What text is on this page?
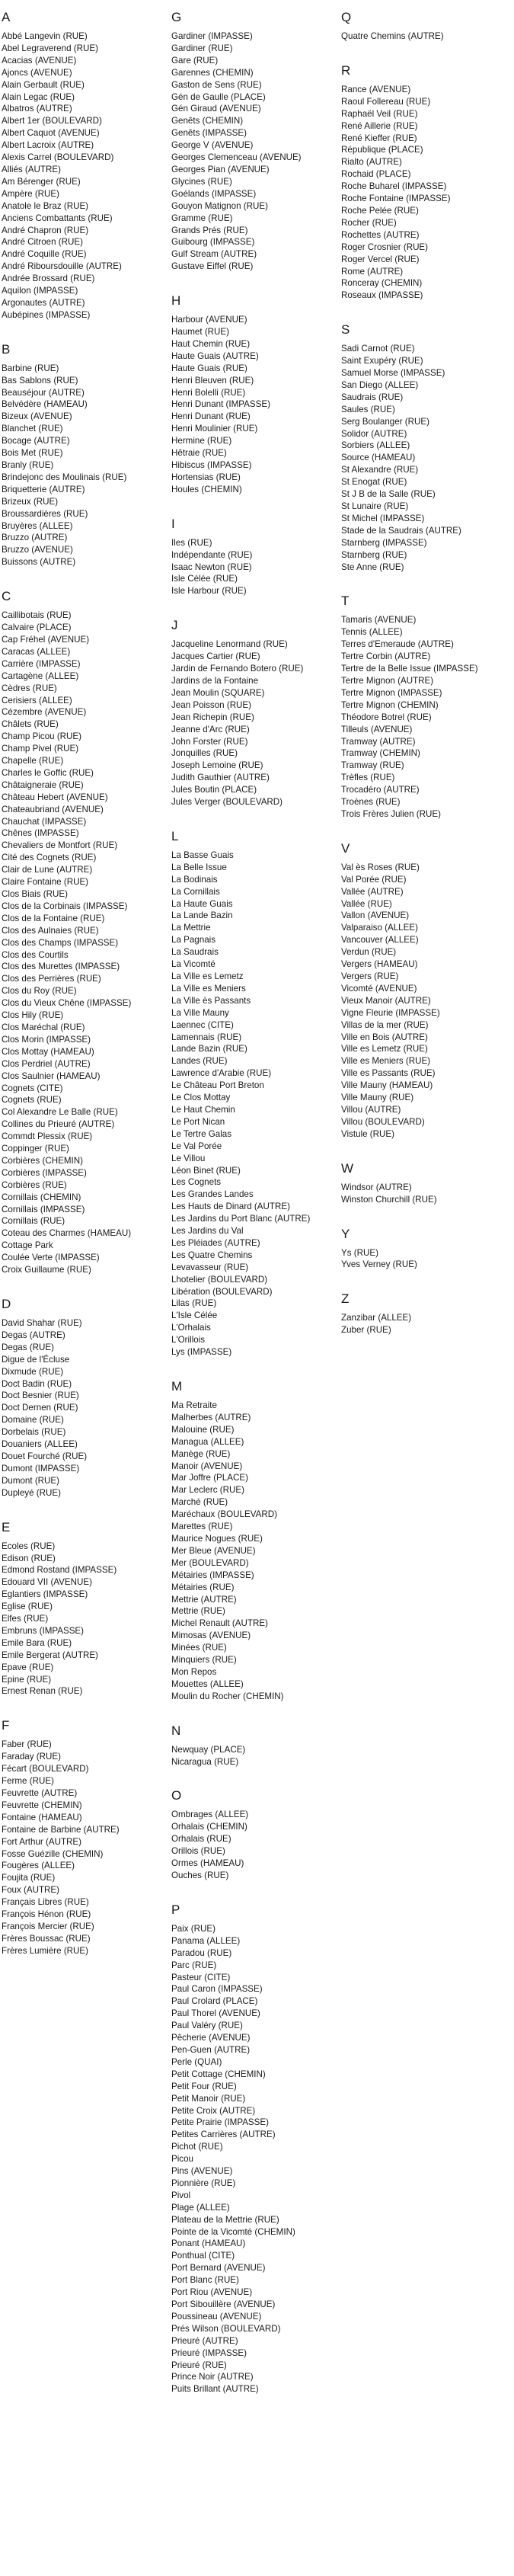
A
Abbé Langevin (RUE)
Abel Legraverend (RUE)
Acacias (AVENUE)
Ajoncs (AVENUE)
Alain Gerbault (RUE)
Alain Legac (RUE)
Albatros (AUTRE)
Albert 1er (BOULEVARD)
Albert Caquot (AVENUE)
Albert Lacroix (AUTRE)
Alexis Carrel (BOULEVARD)
Alliés (AUTRE)
Am Bérenger (RUE)
Ampère (RUE)
Anatole le Braz (RUE)
Anciens Combattants (RUE)
André Chapron (RUE)
André Citroen (RUE)
André Coquille (RUE)
André Riboursdouille (AUTRE)
Andrée Brossard (RUE)
Aquilon (IMPASSE)
Argonautes (AUTRE)
Aubépines (IMPASSE)
B
Barbine (RUE)
Bas Sablons (RUE)
Beauséjour (AUTRE)
Belvédère (HAMEAU)
Bizeux (AVENUE)
Blanchet (RUE)
Bocage (AUTRE)
Bois Met (RUE)
Branly (RUE)
Brindejonc des Moulinais (RUE)
Briquetterie (AUTRE)
Brizeux (RUE)
Broussardières (RUE)
Bruyères (ALLEE)
Bruzzo (AUTRE)
Bruzzo (AVENUE)
Buissons (AUTRE)
C
Caillibotais (RUE)
Calvaire (PLACE)
Cap Fréhel (AVENUE)
Caracas (ALLEE)
Carrière (IMPASSE)
Cartagène (ALLEE)
Cèdres (RUE)
Cerisiers (ALLEE)
Cézembre (AVENUE)
Châlets (RUE)
Champ Picou (RUE)
Champ Pivel (RUE)
Chapelle (RUE)
Charles le Goffic (RUE)
Châtaigneraie (RUE)
Château Hebert (AVENUE)
Chateaubriand (AVENUE)
Chauchat (IMPASSE)
Chênes (IMPASSE)
Chevaliers de Montfort (RUE)
Cité des Cognets (RUE)
Clair de Lune (AUTRE)
Claire Fontaine (RUE)
Clos Biais (RUE)
Clos de la Corbinais (IMPASSE)
Clos de la Fontaine (RUE)
Clos des Aulnaies (RUE)
Clos des Champs (IMPASSE)
Clos des Courtils
Clos des Murettes (IMPASSE)
Clos des Perrières (RUE)
Clos du Roy (RUE)
Clos du Vieux Chêne (IMPASSE)
Clos Hily (RUE)
Clos Maréchal (RUE)
Clos Morin (IMPASSE)
Clos Mottay (HAMEAU)
Clos Perdriel (AUTRE)
Clos Saulnier (HAMEAU)
Cognets (CITE)
Cognets (RUE)
Col Alexandre Le Balle (RUE)
Collines du Prieuré (AUTRE)
Commdt Plessix (RUE)
Coppinger (RUE)
Corbières (CHEMIN)
Corbières (IMPASSE)
Corbières (RUE)
Cornillais (CHEMIN)
Cornillais (IMPASSE)
Cornillais (RUE)
Coteau des Charmes (HAMEAU)
Cottage Park
Coulée Verte (IMPASSE)
Croix Guillaume (RUE)
D
David Shahar (RUE)
Degas (AUTRE)
Degas (RUE)
Digue de l'Écluse
Dixmude (RUE)
Doct Badin (RUE)
Doct Besnier (RUE)
Doct Dernen (RUE)
Domaine (RUE)
Dorbelais (RUE)
Douaniers (ALLEE)
Douet Fourché (RUE)
Dumont (IMPASSE)
Dumont (RUE)
Dupleyé (RUE)
E
Ecoles (RUE)
Edison (RUE)
Edmond Rostand (IMPASSE)
Edouard VII (AVENUE)
Eglantiers (IMPASSE)
Eglise (RUE)
Elfes (RUE)
Embruns (IMPASSE)
Emile Bara (RUE)
Emile Bergerat (AUTRE)
Epave (RUE)
Epine (RUE)
Ernest Renan (RUE)
F
Faber (RUE)
Faraday (RUE)
Fécart (BOULEVARD)
Ferme (RUE)
Feuvrette (AUTRE)
Feuvrette (CHEMIN)
Fontaine (HAMEAU)
Fontaine de Barbine (AUTRE)
Fort Arthur (AUTRE)
Fosse Guézille (CHEMIN)
Fougères (ALLEE)
Foujita (RUE)
Foux (AUTRE)
Français Libres (RUE)
François Hénon (RUE)
François Mercier (RUE)
Frères Boussac (RUE)
Frères Lumière (RUE)
G
Gardiner (IMPASSE)
Gardiner (RUE)
Gare (RUE)
Garennes (CHEMIN)
Gaston de Sens (RUE)
Gén de Gaulle (PLACE)
Gén Giraud (AVENUE)
Genêts (CHEMIN)
Genêts (IMPASSE)
George V (AVENUE)
Georges Clemenceau (AVENUE)
Georges Pian (AVENUE)
Glycines (RUE)
Goélands (IMPASSE)
Gouyon Matignon (RUE)
Gramme (RUE)
Grands Prés (RUE)
Guibourg (IMPASSE)
Gulf Stream (AUTRE)
Gustave Eiffel (RUE)
H
Harbour (AVENUE)
Haumet (RUE)
Haut Chemin (RUE)
Haute Guais (AUTRE)
Haute Guais (RUE)
Henri Bleuven (RUE)
Henri Bolelli (RUE)
Henri Dunant (IMPASSE)
Henri Dunant (RUE)
Henri Moulinier (RUE)
Hermine (RUE)
Hêtraie (RUE)
Hibiscus (IMPASSE)
Hortensias (RUE)
Houles (CHEMIN)
I
Iles (RUE)
Indépendante (RUE)
Isaac Newton (RUE)
Isle Célée (RUE)
Isle Harbour (RUE)
J
Jacqueline Lenormand (RUE)
Jacques Cartier (RUE)
Jardin de Fernando Botero (RUE)
Jardins de la Fontaine
Jean Moulin (SQUARE)
Jean Poisson (RUE)
Jean Richepin (RUE)
Jeanne d'Arc (RUE)
John Forster (RUE)
Jonquilles (RUE)
Joseph Lemoine (RUE)
Judith Gauthier (AUTRE)
Jules Boutin (PLACE)
Jules Verger (BOULEVARD)
L
La Basse Guais
La Belle Issue
La Bodinais
La Cornillais
La Haute Guais
La Lande Bazin
La Mettrie
La Pagnais
La Saudrais
La Vicomté
La Ville es Lemetz
La Ville es Meniers
La Ville ès Passants
La Ville Mauny
Laennec (CITE)
Lamennais (RUE)
Lande Bazin (RUE)
Landes (RUE)
Lawrence d'Arabie (RUE)
Le Château Port Breton
Le Clos Mottay
Le Haut Chemin
Le Port Nican
Le Tertre Galas
Le Val Porée
Le Villou
Léon Binet (RUE)
Les Cognets
Les Grandes Landes
Les Hauts de Dinard (AUTRE)
Les Jardins du Port Blanc (AUTRE)
Les Jardins du Val
Les Pléiades (AUTRE)
Les Quatre Chemins
Levavasseur (RUE)
Lhotelier (BOULEVARD)
Libération (BOULEVARD)
Lilas (RUE)
L'Isle Célée
L'Orhalais
L'Orillois
Lys (IMPASSE)
M
Ma Retraite
Malherbes (AUTRE)
Malouine (RUE)
Managua (ALLEE)
Manège (RUE)
Manoir (AVENUE)
Mar Joffre (PLACE)
Mar Leclerc (RUE)
Marché (RUE)
Maréchaux (BOULEVARD)
Marettes (RUE)
Maurice Nogues (RUE)
Mer Bleue (AVENUE)
Mer (BOULEVARD)
Métairies (IMPASSE)
Métairies (RUE)
Mettrie (AUTRE)
Mettrie (RUE)
Michel Renault (AUTRE)
Mimosas (AVENUE)
Minées (RUE)
Minquiers (RUE)
Mon Repos
Mouettes (ALLEE)
Moulin du Rocher (CHEMIN)
N
Newquay (PLACE)
Nicaragua (RUE)
O
Ombrages (ALLEE)
Orhalais (CHEMIN)
Orhalais (RUE)
Orillois (RUE)
Ormes (HAMEAU)
Ouches (RUE)
P
Paix (RUE)
Panama (ALLEE)
Paradou (RUE)
Parc (RUE)
Pasteur (CITE)
Paul Caron (IMPASSE)
Paul Crolard (PLACE)
Paul Thorel (AVENUE)
Paul Valéry (RUE)
Pêcherie (AVENUE)
Pen-Guen (AUTRE)
Perle (QUAI)
Petit Cottage (CHEMIN)
Petit Four (RUE)
Petit Manoir (RUE)
Petite Croix (AUTRE)
Petite Prairie (IMPASSE)
Petites Carrières (AUTRE)
Pichot (RUE)
Picou
Pins (AVENUE)
Pionnière (RUE)
Pivol
Plage (ALLEE)
Plateau de la Mettrie (RUE)
Pointe de la Vicomté (CHEMIN)
Ponant (HAMEAU)
Ponthual (CITE)
Port Bernard (AVENUE)
Port Blanc (RUE)
Port Riou (AVENUE)
Port Sibouillère (AVENUE)
Poussineau (AVENUE)
Prés Wilson (BOULEVARD)
Prieuré (AUTRE)
Prieuré (IMPASSE)
Prieuré (RUE)
Prince Noir (AUTRE)
Puits Brillant (AUTRE)
Q
Quatre Chemins (AUTRE)
R
Rance (AVENUE)
Raoul Follereau (RUE)
Raphaël Veil (RUE)
René Aillerie (RUE)
René Kieffer (RUE)
République (PLACE)
Rialto (AUTRE)
Rochaid (PLACE)
Roche Buharel (IMPASSE)
Roche Fontaine (IMPASSE)
Roche Pelée (RUE)
Rocher (RUE)
Rochettes (AUTRE)
Roger Crosnier (RUE)
Roger Vercel (RUE)
Rome (AUTRE)
Ronceray (CHEMIN)
Roseaux (IMPASSE)
S
Sadi Carnot (RUE)
Saint Exupéry (RUE)
Samuel Morse (IMPASSE)
San Diego (ALLEE)
Saudrais (RUE)
Saules (RUE)
Serg Boulanger (RUE)
Solidor (AUTRE)
Sorbiers (ALLEE)
Source (HAMEAU)
St Alexandre (RUE)
St Enogat (RUE)
St J B de la Salle (RUE)
St Lunaire (RUE)
St Michel (IMPASSE)
Stade de la Saudrais (AUTRE)
Starnberg (IMPASSE)
Starnberg (RUE)
Ste Anne (RUE)
T
Tamaris (AVENUE)
Tennis (ALLEE)
Terres d'Emeraude (AUTRE)
Tertre Corbin (AUTRE)
Tertre de la Belle Issue (IMPASSE)
Tertre Mignon (AUTRE)
Tertre Mignon (IMPASSE)
Tertre Mignon (CHEMIN)
Théodore Botrel (RUE)
Tilleuls (AVENUE)
Tramway (AUTRE)
Tramway (CHEMIN)
Tramway (RUE)
Trèfles (RUE)
Trocadéro (AUTRE)
Troènes (RUE)
Trois Frères Julien (RUE)
V
Val ès Roses (RUE)
Val Porée (RUE)
Vallée (AUTRE)
Vallée (RUE)
Vallon (AVENUE)
Valparaiso (ALLEE)
Vancouver (ALLEE)
Verdun (RUE)
Vergers (HAMEAU)
Vergers (RUE)
Vicomté (AVENUE)
Vieux Manoir (AUTRE)
Vigne Fleurie (IMPASSE)
Villas de la mer (RUE)
Ville en Bois (AUTRE)
Ville es Lemetz (RUE)
Ville es Meniers (RUE)
Ville es Passants (RUE)
Ville Mauny (HAMEAU)
Ville Mauny (RUE)
Villou (AUTRE)
Villou (BOULEVARD)
Vistule (RUE)
W
Windsor (AUTRE)
Winston Churchill (RUE)
Y
Ys (RUE)
Yves Verney (RUE)
Z
Zanzibar (ALLEE)
Zuber (RUE)
